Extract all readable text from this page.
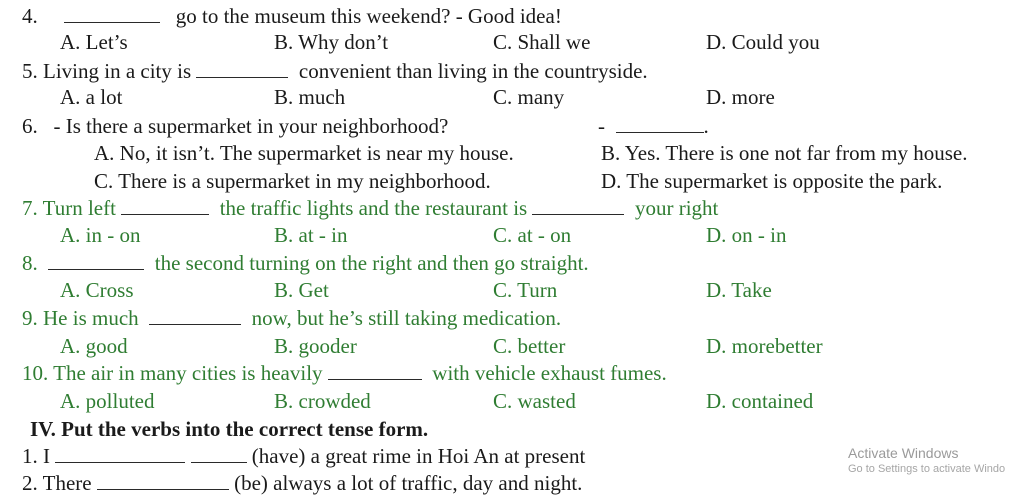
4.	go to the museum this weekend? - Good idea!
A. Let’s	B. Why don’t	C. Shall we	D. Could you
5. Living in a city is	convenient than living in the countryside.
A. a lot	B. much	C. many	D. more
6.   - Is there a supermarket in your neighborhood?	-	.
A. No, it isn’t. The supermarket is near my house.	B. Yes. There is one not far from my house.
C. There is a supermarket in my neighborhood.	D. The supermarket is opposite the park.
7. Turn left	the traffic lights and the restaurant is	your right
A. in - on	B. at - in	C. at - on	D. on - in
8.	the second turning on the right and then go straight.
A. Cross	B. Get	C. Turn	D. Take
9. He is much	now, but he’s still taking medication.
A. good	B. gooder	C. better	D. morebetter
10. The air in many cities is heavily	with vehicle exhaust fumes.
A. polluted	B. crowded	C. wasted	D. contained
IV. Put the verbs into the correct tense form.
1. I	(have) a great rime in Hoi An at present
2. There	(be) always a lot of traffic, day and night.
Activate Windows
Go to Settings to activate Windo
